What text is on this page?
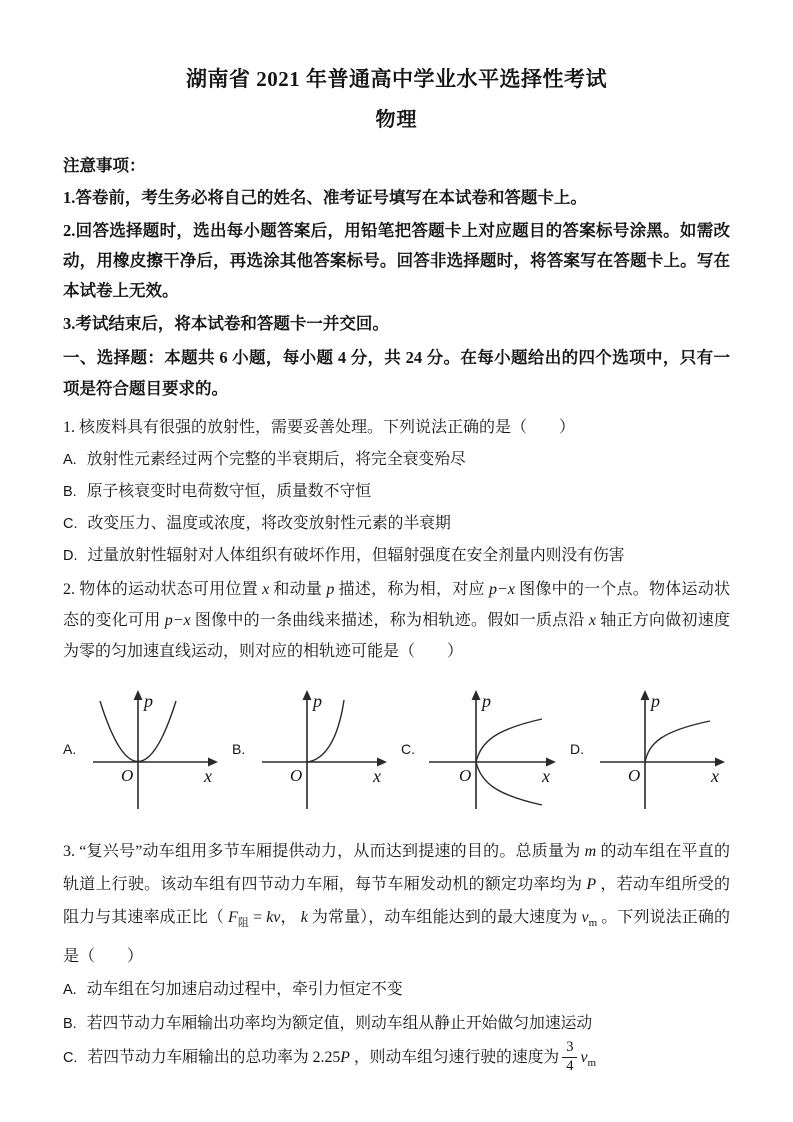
湖南省 2021 年普通高中学业水平选择性考试
物理

注意事项：

1.答卷前，考生务必将自己的姓名、准考证号填写在本试卷和答题卡上。

2.回答选择题时，选出每小题答案后，用铅笔把答题卡上对应题目的答案标号涂黑。如需改动，用橡皮擦干净后，再选涂其他答案标号。回答非选择题时，将答案写在答题卡上。写在本试卷上无效。

3.考试结束后，将本试卷和答题卡一并交回。

一、选择题：本题共 6 小题，每小题 4 分，共 24 分。在每小题给出的四个选项中，只有一项是符合题目要求的。

1. 核废料具有很强的放射性，需要妥善处理。下列说法正确的是（　　）

A. 放射性元素经过两个完整的半衰期后，将完全衰变殆尽
B. 原子核衰变时电荷数守恒，质量数不守恒
C. 改变压力、温度或浓度，将改变放射性元素的半衰期
D. 过量放射性辐射对人体组织有破坏作用，但辐射强度在安全剂量内则没有伤害

2. 物体的运动状态可用位置 x 和动量 p 描述，称为相，对应 p−x 图像中的一个点。物体运动状态的变化可用 p−x 图像中的一条曲线来描述，称为相轨迹。假如一质点沿 x 轴正方向做初速度为零的匀加速直线运动，则对应的相轨迹可能是（　　）

A.
p
x
O
B.
p
x
O
C.
p
x
O
D.
p
x
O

3. “复兴号”动车组用多节车厢提供动力，从而达到提速的目的。总质量为 m 的动车组在平直的轨道上行驶。该动车组有四节动力车厢，每节车厢发动机的额定功率均为 P ，若动车组所受的阻力与其速率成正比（ $F_阻$ = kv， k 为常量），动车组能达到的最大速度为 $v_m$ 。下列说法正确的是（　　）

A. 动车组在匀加速启动过程中，牵引力恒定不变
B. 若四节动力车厢输出功率均为额定值，则动车组从静止开始做匀加速运动
C. 若四节动力车厢输出的总功率为 2.25P ，则动车组匀速行驶的速度为 $\frac{3}{4} v_m$
